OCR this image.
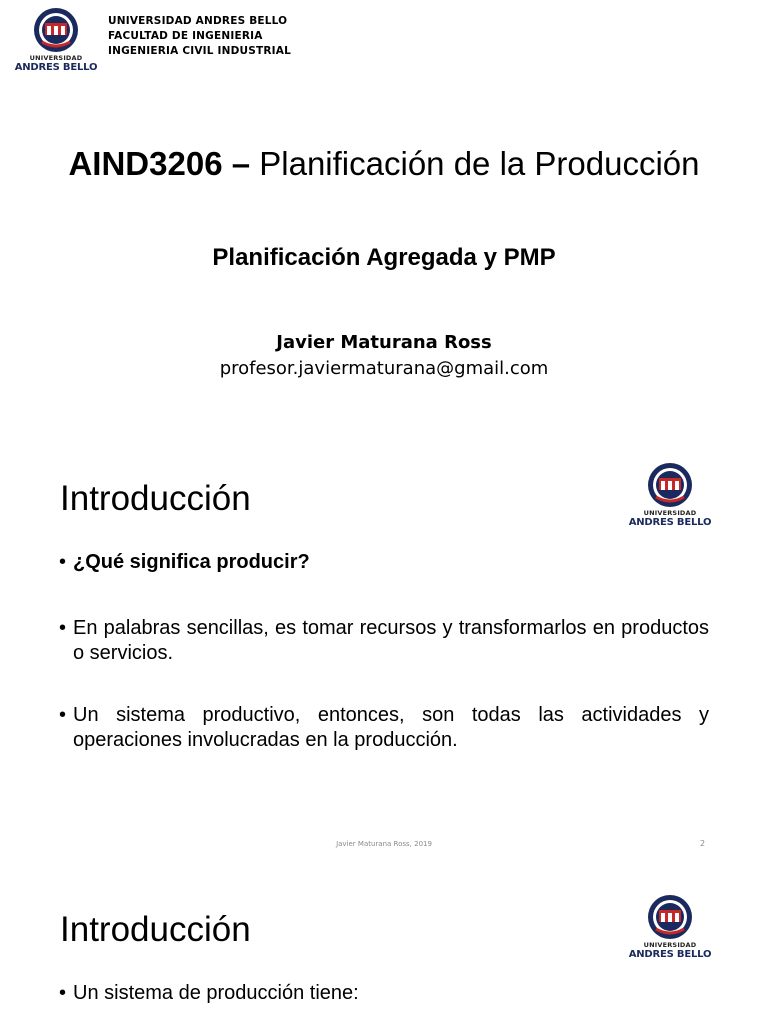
UNIVERSIDAD
ANDRES BELLO
UNIVERSIDAD ANDRES BELLO
FACULTAD DE INGENIERIA
INGENIERIA CIVIL INDUSTRIAL
AIND3206 – Planificación de la Producción
Planificación Agregada y PMP
Javier Maturana Ross
profesor.javiermaturana@gmail.com
Introducción	UNIVERSIDAD
ANDRES BELLO
• ¿Qué significa producir?
• En palabras sencillas, es tomar recursos y transformarlos en productos o servicios.
• Un sistema productivo, entonces, son todas las actividades y operaciones involucradas en la producción.
Javier Maturana Ross, 2019	2
Introducción	UNIVERSIDAD
ANDRES BELLO
• Un sistema de producción tiene:
